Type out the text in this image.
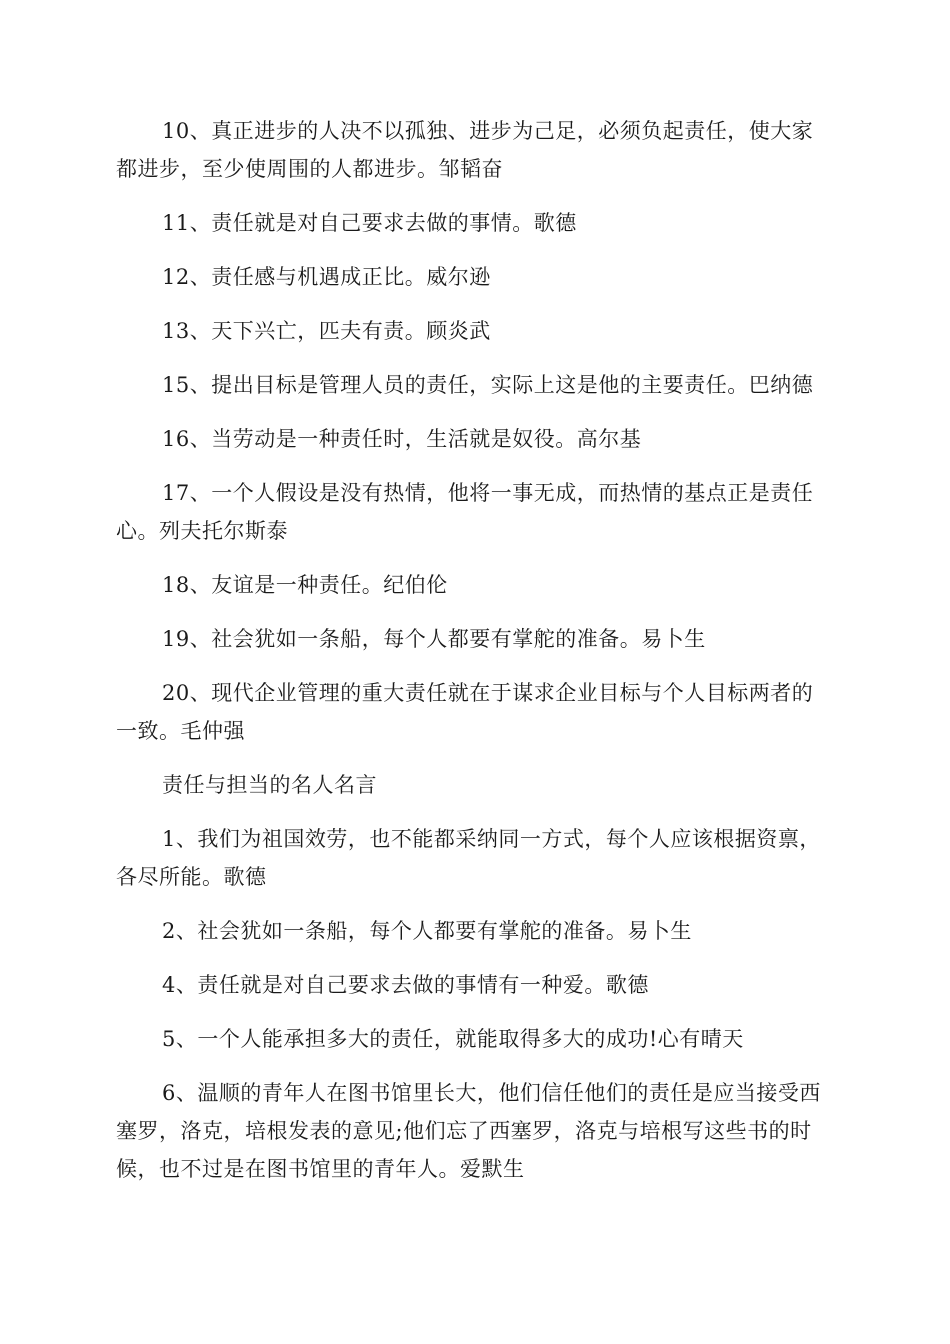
10、真正进步的人决不以孤独、进步为己足，必须负起责任，使大家都进步，至少使周围的人都进步。邹韬奋

11、责任就是对自己要求去做的事情。歌德

12、责任感与机遇成正比。威尔逊

13、天下兴亡，匹夫有责。顾炎武

15、提出目标是管理人员的责任，实际上这是他的主要责任。巴纳德

16、当劳动是一种责任时，生活就是奴役。高尔基

17、一个人假设是没有热情，他将一事无成，而热情的基点正是责任心。列夫托尔斯泰

18、友谊是一种责任。纪伯伦

19、社会犹如一条船，每个人都要有掌舵的准备。易卜生

20、现代企业管理的重大责任就在于谋求企业目标与个人目标两者的一致。毛仲强

责任与担当的名人名言

1、我们为祖国效劳，也不能都采纳同一方式，每个人应该根据资禀，各尽所能。歌德

2、社会犹如一条船，每个人都要有掌舵的准备。易卜生

4、责任就是对自己要求去做的事情有一种爱。歌德

5、一个人能承担多大的责任，就能取得多大的成功!心有晴天

6、温顺的青年人在图书馆里长大，他们信任他们的责任是应当接受西塞罗，洛克，培根发表的意见;他们忘了西塞罗，洛克与培根写这些书的时候，也不过是在图书馆里的青年人。爱默生
